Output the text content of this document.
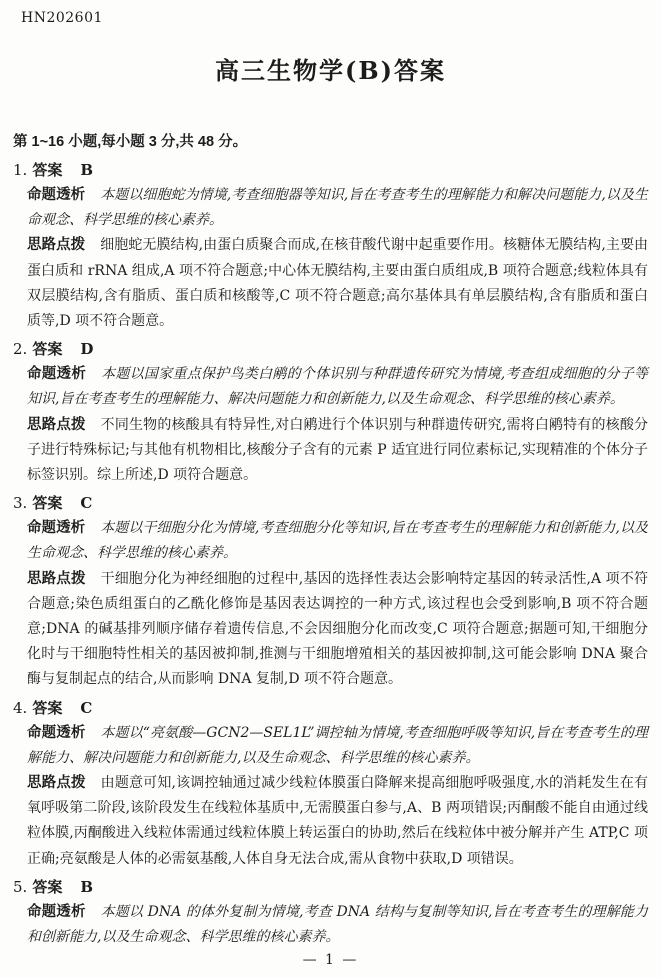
HN202601
高三生物学(B)答案

第 1~16 小题,每小题 3 分,共 48 分。

1. 答案 B

命题透析 本题以细胞蛇为情境,考查细胞器等知识,旨在考查考生的理解能力和解决问题能力,以及生命观念、科学思维的核心素养。

思路点拨 细胞蛇无膜结构,由蛋白质聚合而成,在核苷酸代谢中起重要作用。核糖体无膜结构,主要由蛋白质和 rRNA 组成,A 项不符合题意;中心体无膜结构,主要由蛋白质组成,B 项符合题意;线粒体具有双层膜结构,含有脂质、蛋白质和核酸等,C 项不符合题意;高尔基体具有单层膜结构,含有脂质和蛋白质等,D 项不符合题意。

2. 答案 D

命题透析 本题以国家重点保护鸟类白鹇的个体识别与种群遗传研究为情境,考查组成细胞的分子等知识,旨在考查考生的理解能力、解决问题能力和创新能力,以及生命观念、科学思维的核心素养。

思路点拨 不同生物的核酸具有特异性,对白鹇进行个体识别与种群遗传研究,需将白鹇特有的核酸分子进行特殊标记;与其他有机物相比,核酸分子含有的元素 P 适宜进行同位素标记,实现精准的个体分子标签识别。综上所述,D 项符合题意。

3. 答案 C

命题透析 本题以干细胞分化为情境,考查细胞分化等知识,旨在考查考生的理解能力和创新能力,以及生命观念、科学思维的核心素养。

思路点拨 干细胞分化为神经细胞的过程中,基因的选择性表达会影响特定基因的转录活性,A 项不符合题意;染色质组蛋白的乙酰化修饰是基因表达调控的一种方式,该过程也会受到影响,B 项不符合题意;DNA 的碱基排列顺序储存着遗传信息,不会因细胞分化而改变,C 项符合题意;据题可知,干细胞分化时与干细胞特性相关的基因被抑制,推测与干细胞增殖相关的基因被抑制,这可能会影响 DNA 聚合酶与复制起点的结合,从而影响 DNA 复制,D 项不符合题意。

4. 答案 C

命题透析 本题以“亮氨酸—GCN2—SEL1L”调控轴为情境,考查细胞呼吸等知识,旨在考查考生的理解能力、解决问题能力和创新能力,以及生命观念、科学思维的核心素养。

思路点拨 由题意可知,该调控轴通过减少线粒体膜蛋白降解来提高细胞呼吸强度,水的消耗发生在有氧呼吸第二阶段,该阶段发生在线粒体基质中,无需膜蛋白参与,A、B 两项错误;丙酮酸不能自由通过线粒体膜,丙酮酸进入线粒体需通过线粒体膜上转运蛋白的协助,然后在线粒体中被分解并产生 ATP,C 项正确;亮氨酸是人体的必需氨基酸,人体自身无法合成,需从食物中获取,D 项错误。

5. 答案 B

命题透析 本题以 DNA 的体外复制为情境,考查 DNA 结构与复制等知识,旨在考查考生的理解能力和创新能力,以及生命观念、科学思维的核心素养。

— 1 —
